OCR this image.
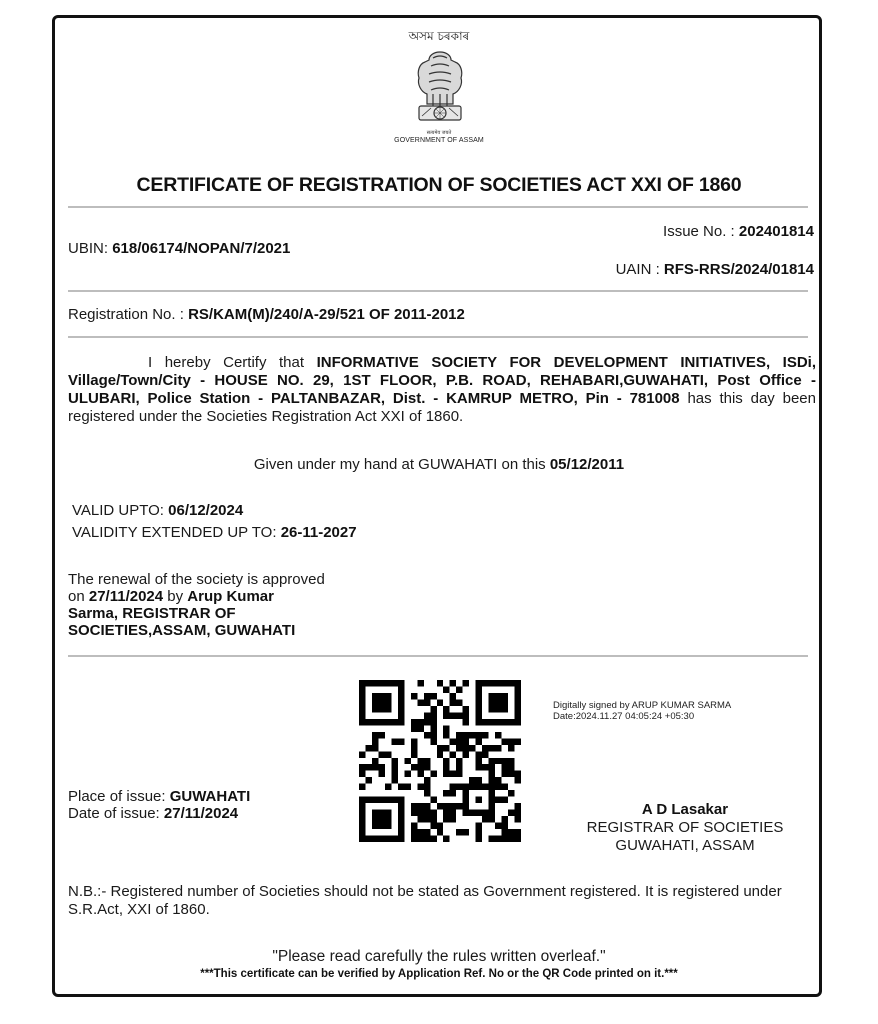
অসম চৰকাৰ
सत्यमेव जयते
GOVERNMENT OF ASSAM
CERTIFICATE OF REGISTRATION OF SOCIETIES ACT XXI OF 1860
Issue No. : 202401814
UBIN: 618/06174/NOPAN/7/2021
UAIN : RFS-RRS/2024/01814
Registration No. : RS/KAM(M)/240/A-29/521 OF 2011-2012
I hereby Certify that INFORMATIVE SOCIETY FOR DEVELOPMENT INITIATIVES, ISDi, Village/Town/City - HOUSE NO. 29, 1ST FLOOR, P.B. ROAD, REHABARI,GUWAHATI, Post Office - ULUBARI, Police Station - PALTANBAZAR, Dist. - KAMRUP METRO, Pin - 781008 has this day been registered under the Societies Registration Act XXI of 1860.
Given under my hand at GUWAHATI on this 05/12/2011
VALID UPTO: 06/12/2024
VALIDITY EXTENDED UP TO: 26-11-2027
The renewal of the society is approved on 27/11/2024 by Arup Kumar Sarma, REGISTRAR OF SOCIETIES,ASSAM, GUWAHATI
Digitally signed by ARUP KUMAR SARMA
Date:2024.11.27 04:05:24 +05:30
Place of issue: GUWAHATI
Date of issue: 27/11/2024	A D Lasakar
REGISTRAR OF SOCIETIES
GUWAHATI, ASSAM
N.B.:- Registered number of Societies should not be stated as Government registered. It is registered under S.R.Act, XXI of 1860.
"Please read carefully the rules written overleaf."
***This certificate can be verified by Application Ref. No or the QR Code printed on it.***
